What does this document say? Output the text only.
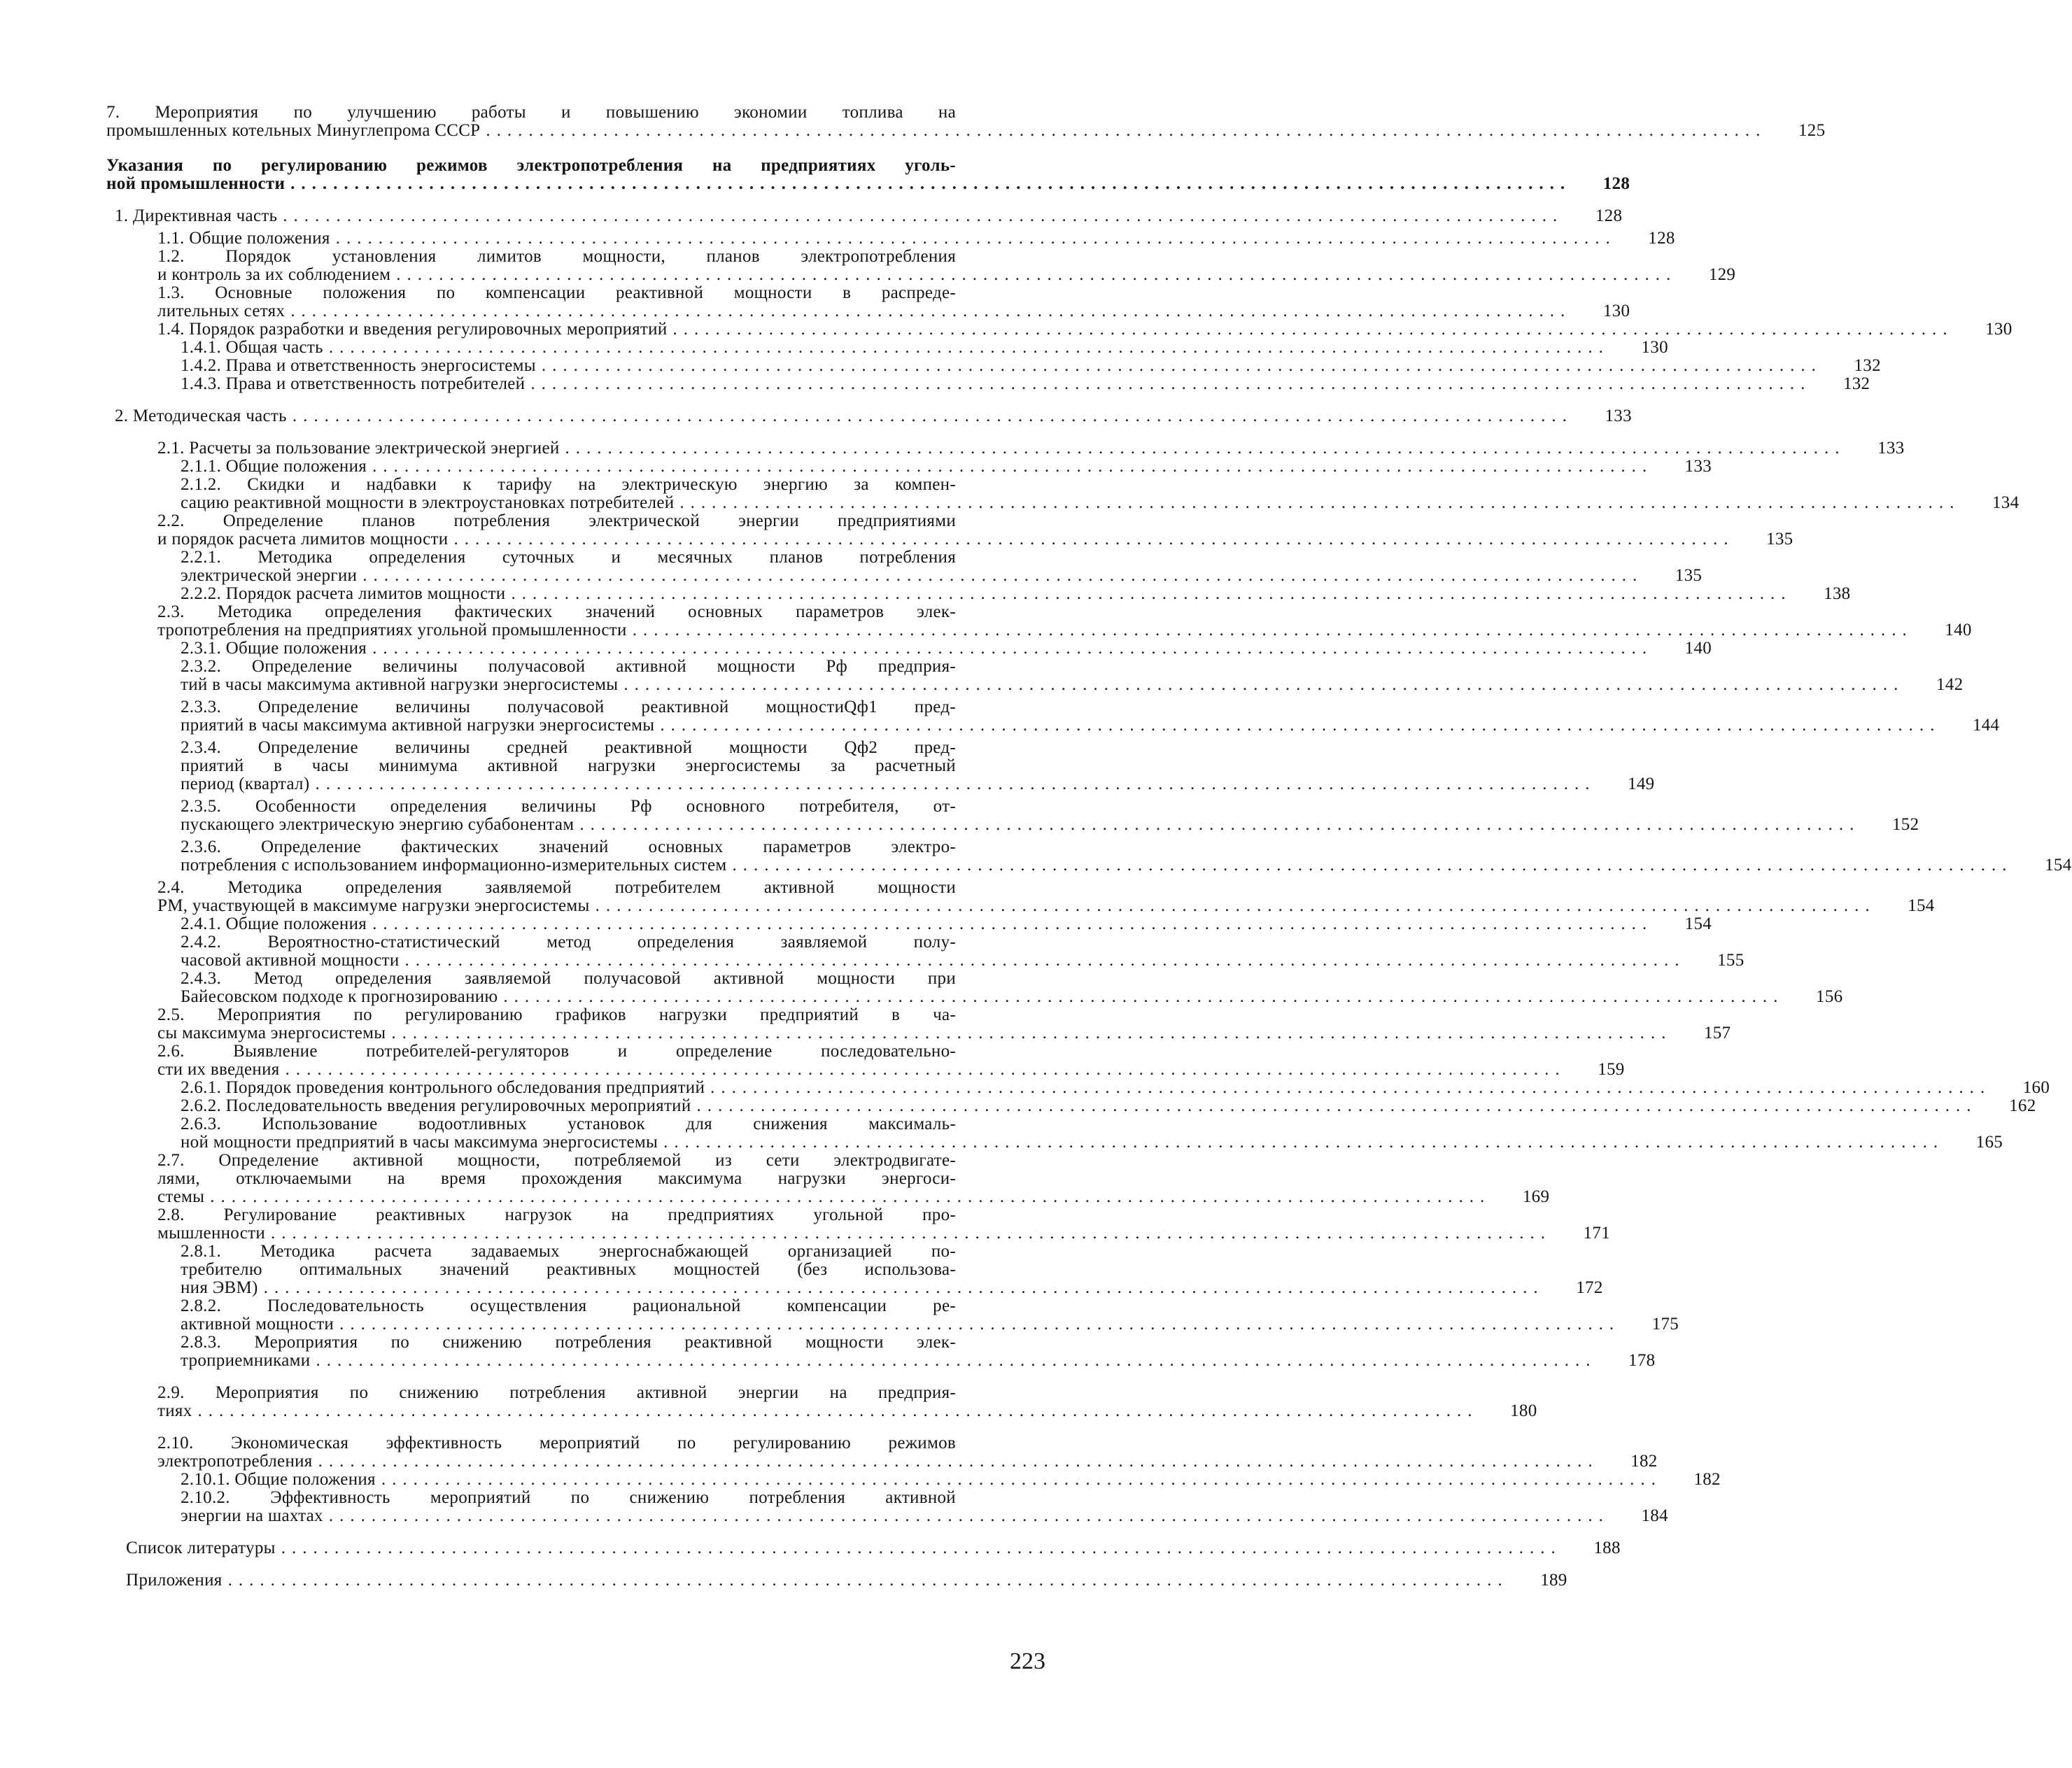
7. Мероприятия по улучшению работы и повышению экономии топлива на
промышленных котельных Минуглепрома СССР ........................................................................................................................	125
Указания по регулированию режимов электропотребления на предприятиях уголь-
ной промышленности ........................................................................................................................	128
1. Директивная часть ........................................................................................................................	128
1.1. Общие положения ........................................................................................................................	128
1.2. Порядок установления лимитов мощности, планов электропотребления
и контроль за их соблюдением ........................................................................................................................	129
1.3. Основные положения по компенсации реактивной мощности в распреде-
лительных сетях ........................................................................................................................	130
1.4. Порядок разработки и введения регулировочных мероприятий ........................................................................................................................	130
1.4.1. Общая часть ........................................................................................................................	130
1.4.2. Права и ответственность энергосистемы ........................................................................................................................	132
1.4.3. Права и ответственность потребителей ........................................................................................................................	132
2. Методическая часть ........................................................................................................................	133
2.1. Расчеты за пользование электрической энергией ........................................................................................................................	133
2.1.1. Общие положения ........................................................................................................................	133
2.1.2. Скидки и надбавки к тарифу на электрическую энергию за компен-
сацию реактивной мощности в электроустановках потребителей ........................................................................................................................	134
2.2. Определение планов потребления электрической энергии предприятиями
и порядок расчета лимитов мощности ........................................................................................................................	135
2.2.1. Методика определения суточных и месячных планов потребления
электрической энергии ........................................................................................................................	135
2.2.2. Порядок расчета лимитов мощности ........................................................................................................................	138
2.3. Методика определения фактических значений основных параметров элек-
тропотребления на предприятиях угольной промышленности ........................................................................................................................	140
2.3.1. Общие положения ........................................................................................................................	140
2.3.2. Определение величины получасовой активной мощности Pф предприя-
тий в часы максимума активной нагрузки энергосистемы ........................................................................................................................	142
2.3.3. Определение величины получасовой реактивной мощностиQф1 пред-
приятий в часы максимума активной нагрузки энергосистемы ........................................................................................................................	144
2.3.4. Определение величины средней реактивной мощности Qф2 пред-
приятий в часы минимума активной нагрузки энергосистемы за расчетный
период (квартал) ........................................................................................................................	149
2.3.5. Особенности определения величины Pф основного потребителя, от-
пускающего электрическую энергию субабонентам ........................................................................................................................	152
2.3.6. Определение фактических значений основных параметров электро-
потребления с использованием информационно-измерительных систем ........................................................................................................................	154
2.4. Методика определения заявляемой потребителем активной мощности
PМ, участвующей в максимуме нагрузки энергосистемы ........................................................................................................................	154
2.4.1. Общие положения ........................................................................................................................	154
2.4.2. Вероятностно-статистический метод определения заявляемой полу-
часовой активной мощности ........................................................................................................................	155
2.4.3. Метод определения заявляемой получасовой активной мощности при
Байесовском подходе к прогнозированию ........................................................................................................................	156
2.5. Мероприятия по регулированию графиков нагрузки предприятий в ча-
сы максимума энергосистемы ........................................................................................................................	157
2.6. Выявление потребителей-регуляторов и определение последовательно-
сти их введения ........................................................................................................................	159
2.6.1. Порядок проведения контрольного обследования предприятий ........................................................................................................................	160
2.6.2. Последовательность введения регулировочных мероприятий ........................................................................................................................	162
2.6.3. Использование водоотливных установок для снижения максималь-
ной мощности предприятий в часы максимума энергосистемы ........................................................................................................................	165
2.7. Определение активной мощности, потребляемой из сети электродвигате-
лями, отключаемыми на время прохождения максимума нагрузки энергоси-
стемы ........................................................................................................................	169
2.8. Регулирование реактивных нагрузок на предприятиях угольной про-
мышленности ........................................................................................................................	171
2.8.1. Методика расчета задаваемых энергоснабжающей организацией по-
требителю оптимальных значений реактивных мощностей (без использова-
ния ЭВМ) ........................................................................................................................	172
2.8.2. Последовательность осуществления рациональной компенсации ре-
активной мощности ........................................................................................................................	175
2.8.3. Мероприятия по снижению потребления реактивной мощности элек-
троприемниками ........................................................................................................................	178
2.9. Мероприятия по снижению потребления активной энергии на предприя-
тиях ........................................................................................................................	180
2.10. Экономическая эффективность мероприятий по регулированию режимов
электропотребления ........................................................................................................................	182
2.10.1. Общие положения ........................................................................................................................	182
2.10.2. Эффективность мероприятий по снижению потребления активной
энергии на шахтах ........................................................................................................................	184
Список литературы ........................................................................................................................	188
Приложения ........................................................................................................................	189
223
